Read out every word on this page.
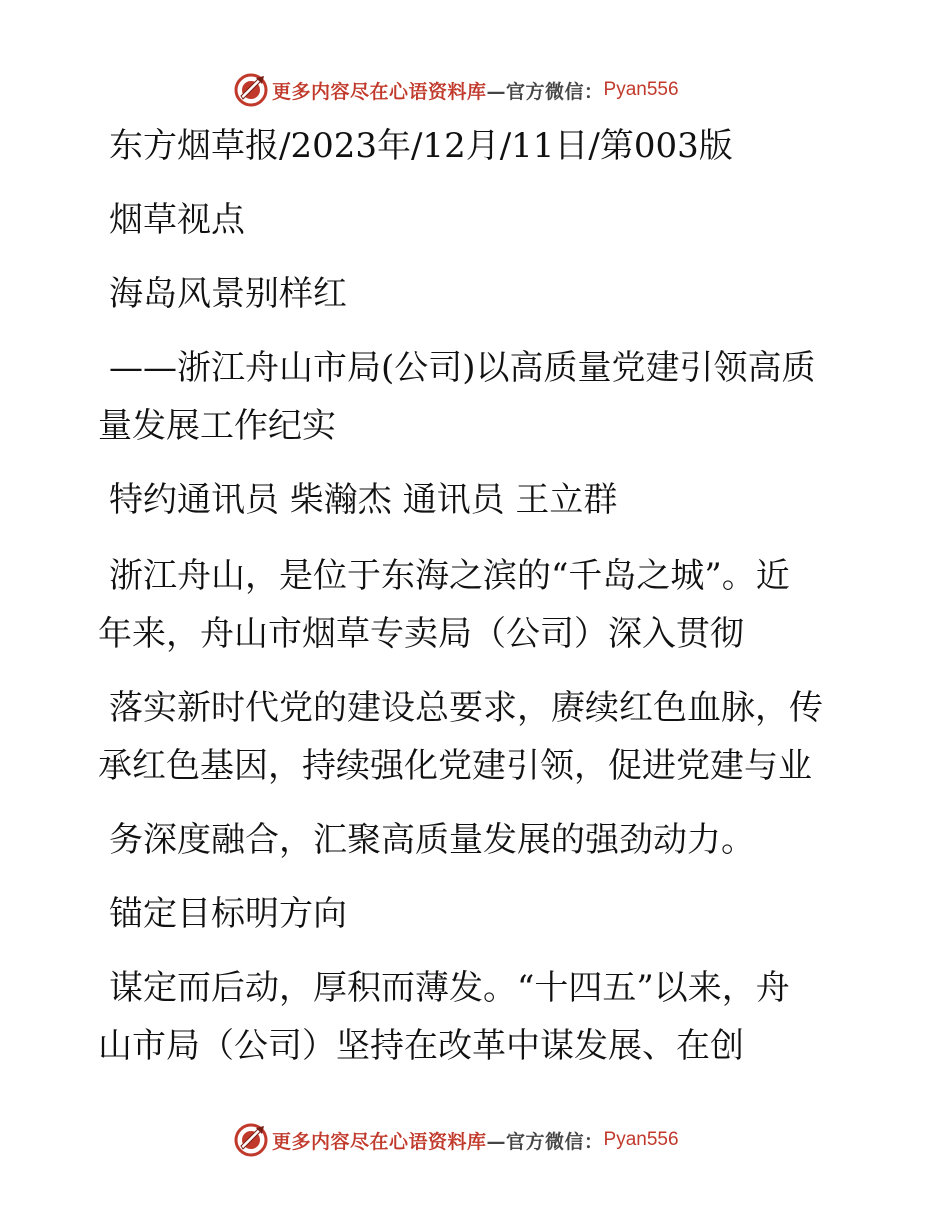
更多内容尽在心语资料库 —官方微信： Pyan556
东方烟草报/2023年/12月/11日/第003版
烟草视点
海岛风景别样红
——浙江舟山市局(公司)以高质量党建引领高质
量发展工作纪实
特约通讯员 柴瀚杰 通讯员 王立群
浙江舟山，是位于东海之滨的“千岛之城”。近
年来，舟山市烟草专卖局（公司）深入贯彻
落实新时代党的建设总要求，赓续红色血脉，传
承红色基因，持续强化党建引领，促进党建与业
务深度融合，汇聚高质量发展的强劲动力。
锚定目标明方向
谋定而后动，厚积而薄发。“十四五”以来，舟
山市局（公司）坚持在改革中谋发展、在创
更多内容尽在心语资料库 —官方微信： Pyan556
